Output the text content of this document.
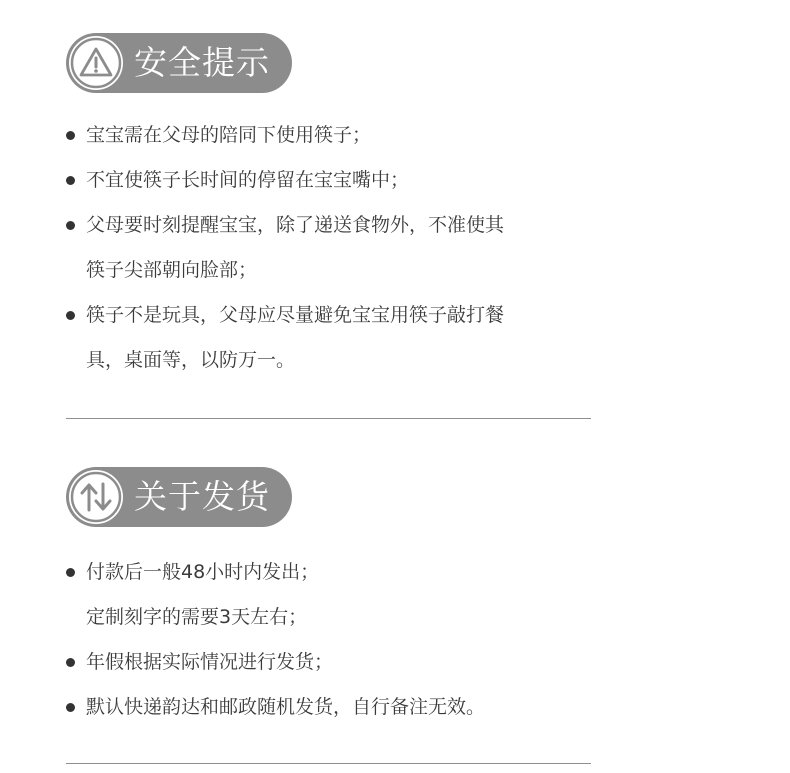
安全提示
宝宝需在父母的陪同下使用筷子；
不宜使筷子长时间的停留在宝宝嘴中；
父母要时刻提醒宝宝，除了递送食物外，不准使其
筷子尖部朝向脸部；
筷子不是玩具，父母应尽量避免宝宝用筷子敲打餐
具，桌面等，以防万一。
关于发货
付款后一般48小时内发出；
定制刻字的需要3天左右；
年假根据实际情况进行发货；
默认快递韵达和邮政随机发货，自行备注无效。
